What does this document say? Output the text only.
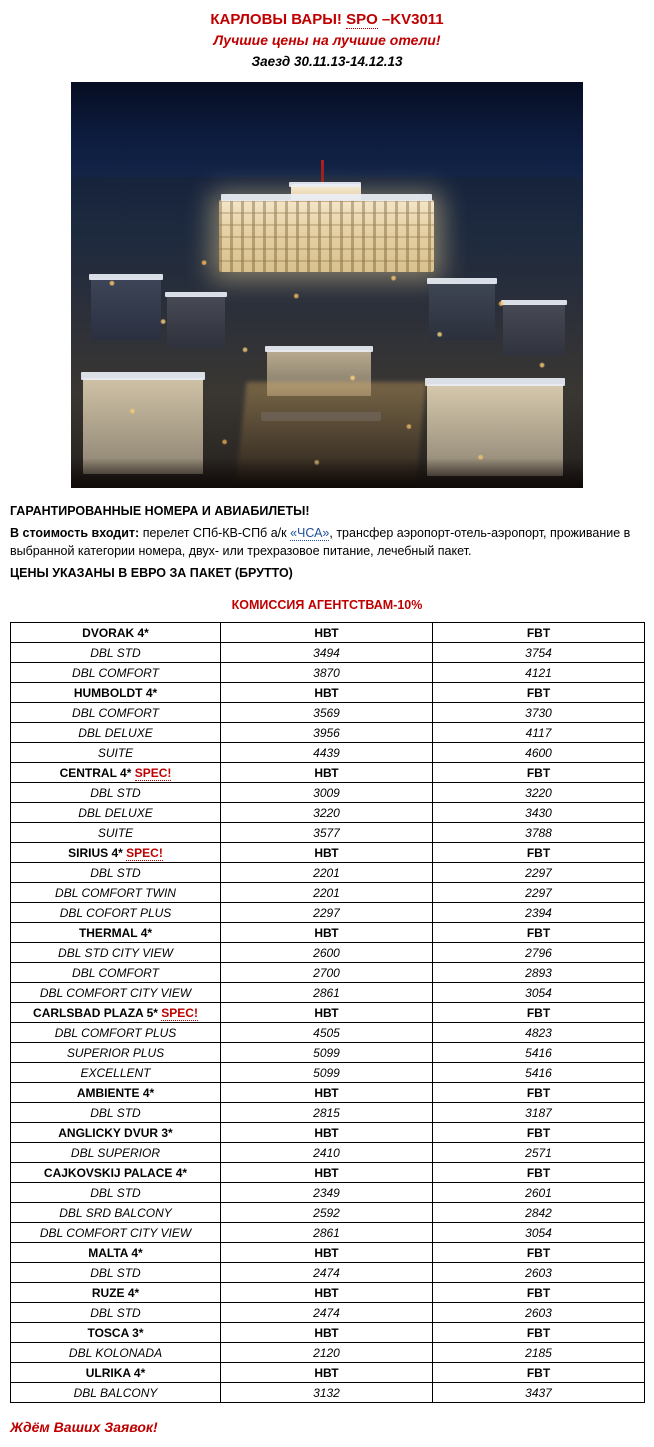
КАРЛОВЫ ВАРЫ! SPO –KV3011
Лучшие цены на лучшие отели!
Заезд 30.11.13-14.12.13
ГАРАНТИРОВАННЫЕ НОМЕРА И АВИАБИЛЕТЫ!

В стоимость входит: перелет СПб-КВ-СПб а/к «ЧСА», трансфер аэропорт-отель-аэропорт, проживание в выбранной категории номера, двух- или трехразовое питание, лечебный пакет.

ЦЕНЫ УКАЗАНЫ В ЕВРО ЗА ПАКЕТ (БРУТТО)
КОМИССИЯ АГЕНТСТВАМ-10%
DVORAK 4*	НВТ	FBT
DBL STD	3494	3754
DBL COMFORT	3870	4121
HUMBOLDT 4*	НВТ	FBT
DBL COMFORT	3569	3730
DBL DELUXE	3956	4117
SUITE	4439	4600
CENTRAL 4* SPEC!	НВТ	FBT
DBL STD	3009	3220
DBL DELUXE	3220	3430
SUITE	3577	3788
SIRIUS 4* SPEC!	НВТ	FBT
DBL STD	2201	2297
DBL COMFORT TWIN	2201	2297
DBL COFORT PLUS	2297	2394
THERMAL 4*	НВТ	FBT
DBL STD CITY VIEW	2600	2796
DBL COMFORT	2700	2893
DBL COMFORT CITY VIEW	2861	3054
CARLSBAD PLAZA 5* SPEC!	НВТ	FBT
DBL COMFORT PLUS	4505	4823
SUPERIOR PLUS	5099	5416
EXCELLENT	5099	5416
AMBIENTE 4*	НВТ	FBT
DBL STD	2815	3187
ANGLICKY DVUR 3*	НВТ	FBT
DBL SUPERIOR	2410	2571
CAJKOVSKIJ PALACE 4*	НВТ	FBT
DBL STD	2349	2601
DBL SRD BALCONY	2592	2842
DBL COMFORT CITY VIEW	2861	3054
MALTA 4*	НВТ	FBT
DBL STD	2474	2603
RUZE 4*	НВТ	FBT
DBL STD	2474	2603
TOSCA 3*	НВТ	FBT
DBL KOLONADA	2120	2185
ULRIKA 4*	НВТ	FBT
DBL BALCONY	3132	3437
Ждём Ваших Заявок!
